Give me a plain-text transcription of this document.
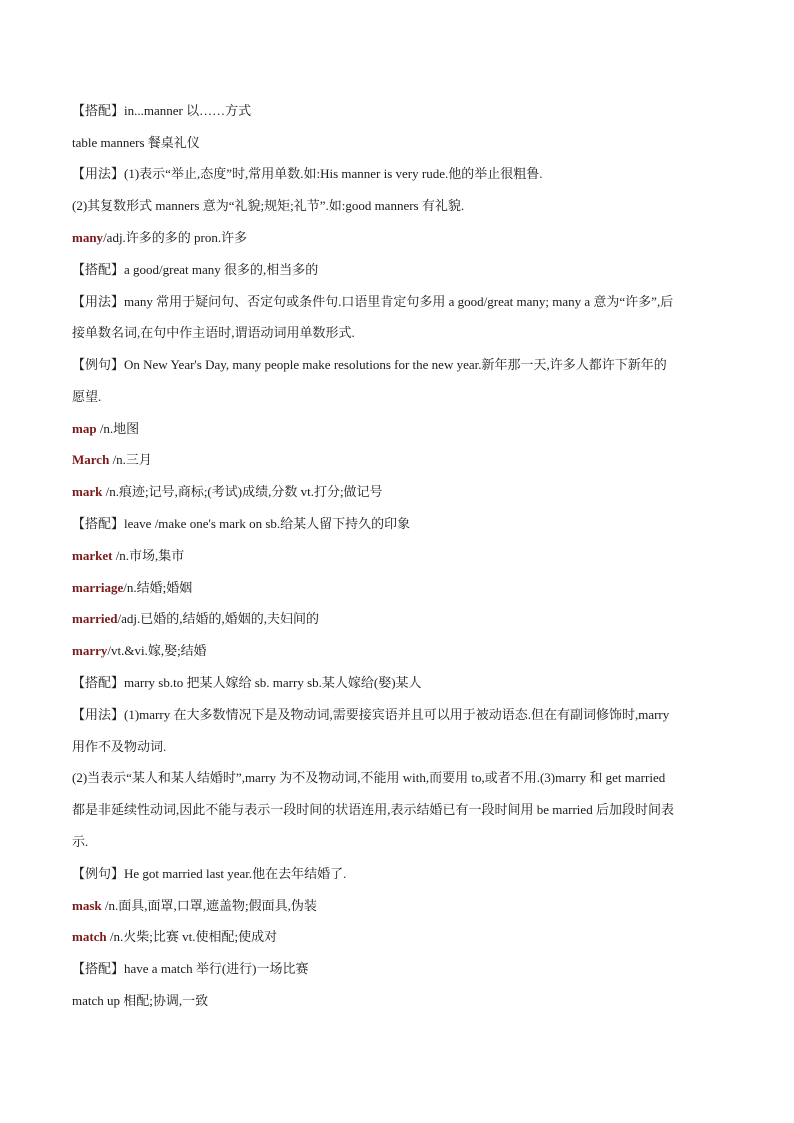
【搭配】in...manner 以……方式
table manners 餐桌礼仪
【用法】(1)表示“举止,态度”时,常用单数.如:His manner is very rude.他的举止很粗鲁.
(2)其复数形式 manners 意为“礼貌;规矩;礼节”.如:good manners 有礼貌.
many/adj.许多的多的 pron.许多
【搭配】a good/great many 很多的,相当多的
【用法】many 常用于疑问句、否定句或条件句.口语里肯定句多用 a good/great many; many a 意为“许多”,后
接单数名词,在句中作主语时,谓语动词用单数形式.
【例句】On New Year's Day, many people make resolutions for the new year.新年那一天,许多人都许下新年的
愿望.
map /n.地图
March /n.三月
mark /n.痕迹;记号,商标;(考试)成绩,分数 vt.打分;做记号
【搭配】leave /make one's mark on sb.给某人留下持久的印象
market /n.市场,集市
marriage/n.结婚;婚姻
married/adj.已婚的,结婚的,婚姻的,夫妇间的
marry/vt.&vi.嫁,娶;结婚
【搭配】marry sb.to 把某人嫁给 sb. marry sb.某人嫁给(娶)某人
【用法】(1)marry 在大多数情况下是及物动词,需要接宾语并且可以用于被动语态.但在有副词修饰时,marry
用作不及物动词.
(2)当表示“某人和某人结婚时”,marry 为不及物动词,不能用 with,而要用 to,或者不用.(3)marry 和 get married
都是非延续性动词,因此不能与表示一段时间的状语连用,表示结婚已有一段时间用 be married 后加段时间表
示.
【例句】He got married last year.他在去年结婚了.
mask /n.面具,面罩,口罩,遮盖物;假面具,伪装
match /n.火柴;比赛 vt.使相配;使成对
【搭配】have a match 举行(进行)一场比赛
match up 相配;协调,一致
